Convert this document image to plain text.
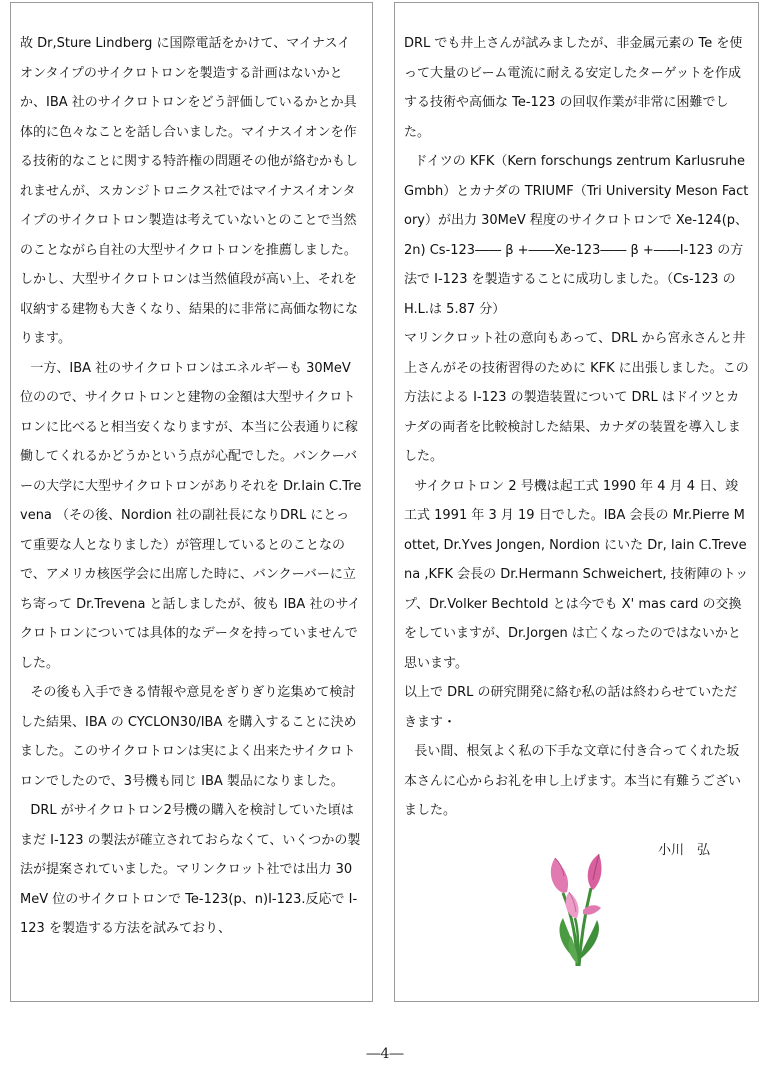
故 Dr,Sture Lindberg に国際電話をかけて、マイナスイオンタイプのサイクロトロンを製造する計画はないかとか、IBA 社のサイクロトロンをどう評価しているかとか具体的に色々なことを話し合いました。マイナスイオンを作る技術的なことに関する特許権の問題その他が絡むかもしれませんが、スカンジトロニクス社ではマイナスイオンタイプのサイクロトロン製造は考えていないとのことで当然のことながら自社の大型サイクロトロンを推薦しました。しかし、大型サイクロトロンは当然値段が高い上、それを収納する建物も大きくなり、結果的に非常に高価な物になります。

一方、IBA 社のサイクロトロンはエネルギーも 30MeV 位のので、サイクロトロンと建物の金額は大型サイクロトロンに比べると相当安くなりますが、本当に公表通りに稼働してくれるかどうかという点が心配でした。バンクーバーの大学に大型サイクロトロンがありそれを Dr.Iain C.Trevena （その後、Nordion 社の副社長になりDRL にとって重要な人となりました）が管理しているとのことなので、アメリカ核医学会に出席した時に、バンクーバーに立ち寄って Dr.Trevena と話しましたが、彼も IBA 社のサイクロトロンについては具体的なデータを持っていませんでした。

その後も入手できる情報や意見をぎりぎり迄集めて検討した結果、IBA の CYCLON30/IBA を購入することに決めました。このサイクロトロンは実によく出来たサイクロトロンでしたので、3号機も同じ IBA 製品になりました。

DRL がサイクロトロン2号機の購入を検討していた頃はまだ I-123 の製法が確立されておらなくて、いくつかの製法が提案されていました。マリンクロット社では出力 30MeV 位のサイクロトロンで Te-123(p、n)I-123.反応で I-123 を製造する方法を試みており、

DRL でも井上さんが試みましたが、非金属元素の Te を使って大量のビーム電流に耐える安定したターゲットを作成する技術や高価な Te-123 の回収作業が非常に困難でした。

ドイツの KFK（Kern forschungs zentrum Karlusruhe Gmbh）とカナダの TRIUMF（Tri University Meson Factory）が出力 30MeV 程度のサイクロトロンで Xe-124(p、2n) Cs-123―― β +――Xe-123―― β +――I-123 の方法で I-123 を製造することに成功しました。（Cs-123 の H.L.は 5.87 分）

マリンクロット社の意向もあって、DRL から宮永さんと井上さんがその技術習得のために KFK に出張しました。この方法による I-123 の製造装置について DRL はドイツとカナダの両者を比較検討した結果、カナダの装置を導入しました。

サイクロトロン 2 号機は起工式 1990 年 4 月 4 日、竣工式 1991 年 3 月 19 日でした。IBA 会長の Mr.Pierre Mottet, Dr.Yves Jongen, Nordion にいた Dr, Iain C.Trevena ,KFK 会長の Dr.Hermann Schweichert, 技術陣のトップ、Dr.Volker Bechtold とは今でも X' mas card の交換をしていますが、Dr.Jorgen は亡くなったのではないかと思います。

以上で DRL の研究開発に絡む私の話は終わらせていただきます・

長い間、根気よく私の下手な文章に付き合ってくれた坂本さんに心からお礼を申し上げます。本当に有難うございました。

小川　弘

―4―
